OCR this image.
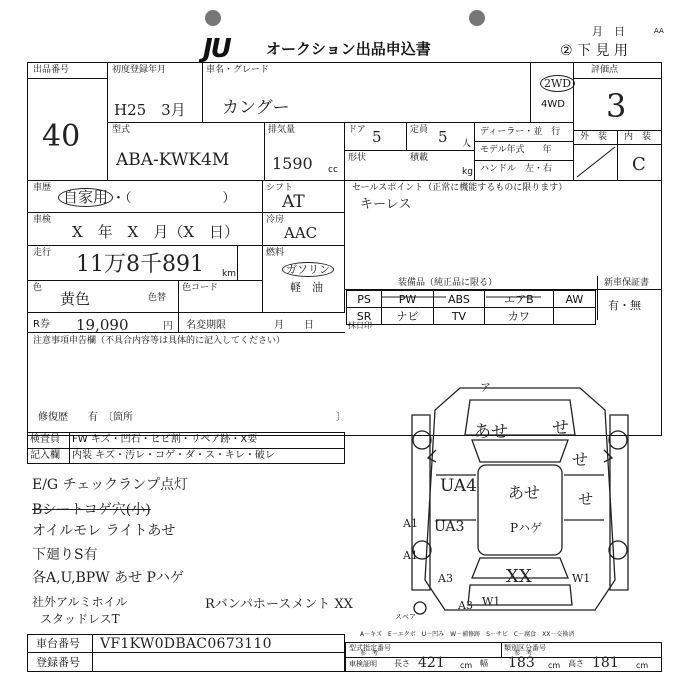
JU オークション出品申込書
月　日	AA
② 下 見 用
出品番号
40
初度登録年月
H25　3月
車名・グレード
カングー
2WD
4WD
評価点
3
型式
ABA-KWK4M
排気量
1590 cc
ドア 5	定員 5 人
形状	積載
kg
ディーラー・並　行
モデル年式　　年
ハンドル　左・右
外　装 内　装
C
車歴 自家用 ・（　　　　　　　）
シフト
AT
セールスポイント（正常に機能するものに限ります）
キーレス
車検
X　年　X　月（X　日）
冷房
AAC
走行 11万8千891 km
燃料
ガソリン
軽　油
色
黄色	色替
色コード	装備品（純正品に限る）	新車保証書
有・無
PS	PW	ABS	エアB	AW
SR	ナビ	TV	カワ	
R券 19,090	円 名変期限	月　　日	抹日印
注意事項申告欄（不具合内容等は具体的に記入してください）
修復歴　　有　〔箇所	〕
検査員 FW キズ・凹石・ヒビ割・リペア跡・X要
記入欄 内装 キズ・汚レ・コゲ・ダ・ス・キレ・破レ
E/G チェックランプ点灯
Bシートコゲ穴(小)
オイルモレ ライトあせ
下廻りS有
各A,U,BPW あせ Pハゲ
社外アルミホイル
スタッドレスT
Rバンパホースメント XX
ア
あせ	せ
UA4 あせ
せ
A1 UA3	Pハゲ
A1
XX
A3	W1
W1
A3
せ
スペア
車台番号 VF1KW0DBAC0673110
登録番号
A－キズ　E－エクボ　U－凹み　W－補修跡　S－サビ　C－腐食　XX－交換済
型式指定番号
参　考
類別区分番号
参　考
車検証明 長さ 421 cm 幅 183 cm 高さ 181 cm
